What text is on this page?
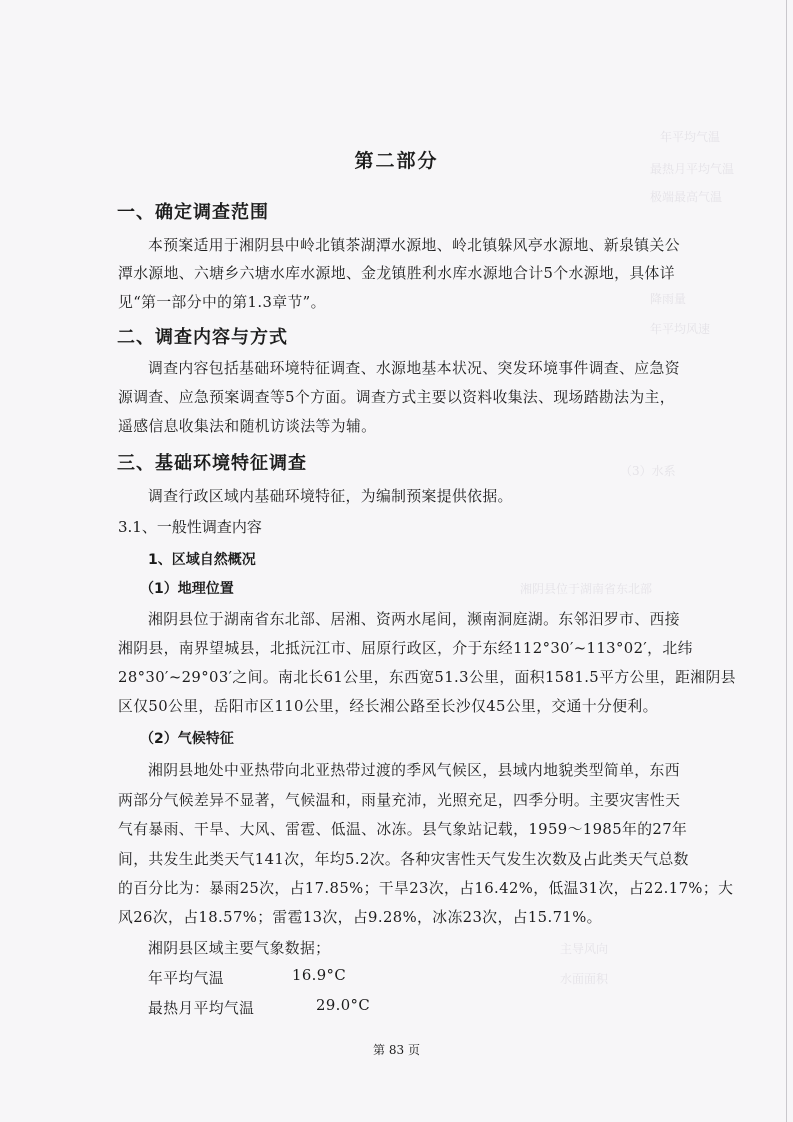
年平均气温
最热月平均气温
极端最高气温
降雨量
年平均风速
（3）水系
湘阴县位于湖南省东北部
主导风向
水面面积
第二部分
一、确定调查范围
本预案适用于湘阴县中岭北镇茶湖潭水源地、岭北镇躲风亭水源地、新泉镇关公
潭水源地、六塘乡六塘水库水源地、金龙镇胜利水库水源地合计5个水源地，具体详
见“第一部分中的第1.3章节”。
二、调查内容与方式
调查内容包括基础环境特征调查、水源地基本状况、突发环境事件调查、应急资
源调查、应急预案调查等5个方面。调查方式主要以资料收集法、现场踏勘法为主，
遥感信息收集法和随机访谈法等为辅。
三、基础环境特征调查
调查行政区域内基础环境特征，为编制预案提供依据。
3.1、一般性调查内容
1、区域自然概况
（1）地理位置
湘阴县位于湖南省东北部、居湘、资两水尾间，濒南洞庭湖。东邻汨罗市、西接
湘阴县，南界望城县，北抵沅江市、屈原行政区，介于东经112°30′~113°02′，北纬
28°30′~29°03′之间。南北长61公里，东西宽51.3公里，面积1581.5平方公里，距湘阴县
区仅50公里，岳阳市区110公里，经长湘公路至长沙仅45公里，交通十分便利。
（2）气候特征
湘阴县地处中亚热带向北亚热带过渡的季风气候区，县域内地貌类型简单，东西
两部分气候差异不显著，气候温和，雨量充沛，光照充足，四季分明。主要灾害性天
气有暴雨、干旱、大风、雷雹、低温、冰冻。县气象站记载，1959～1985年的27年
间，共发生此类天气141次，年均5.2次。各种灾害性天气发生次数及占此类天气总数
的百分比为：暴雨25次，占17.85%；干旱23次，占16.42%，低温31次，占22.17%；大
风26次，占18.57%；雷雹13次，占9.28%，冰冻23次，占15.71%。
湘阴县区域主要气象数据；
年平均气温	16.9°C
最热月平均气温	29.0°C
第 83 页
